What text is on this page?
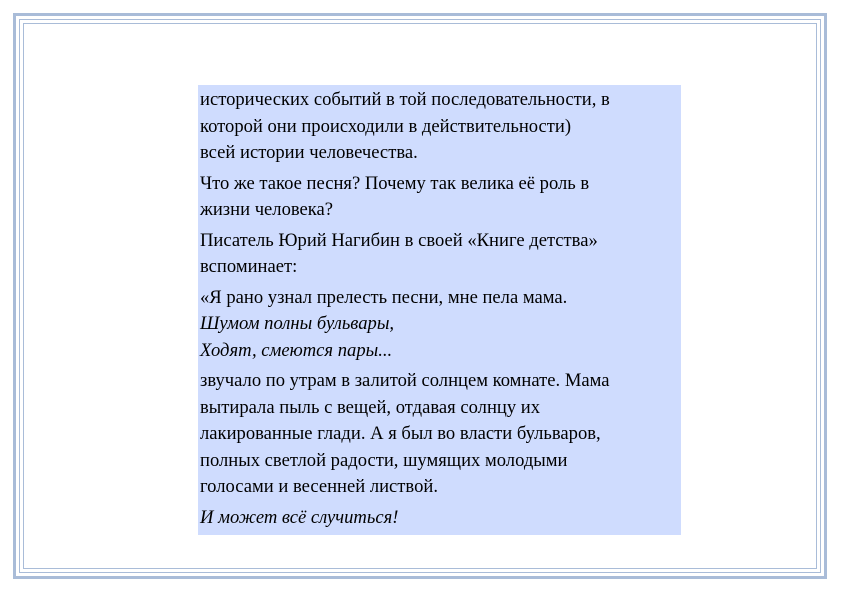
исторических событий в той последовательности, в
которой они происходили в действительности)
всей истории человечества.

Что же такое песня? Почему так велика её роль в
жизни человека?

Писатель Юрий Нагибин в своей «Книге детства»
вспоминает:

«Я рано узнал прелесть песни, мне пела мама.

Шумом полны бульвары,
Ходят, смеются пары...

звучало по утрам в залитой солнцем комнате. Мама
вытирала пыль с вещей, отдавая солнцу их
лакированные глади. А я был во власти бульваров,
полных светлой радости, шумящих молодыми
голосами и весенней листвой.

И может всё случиться!
